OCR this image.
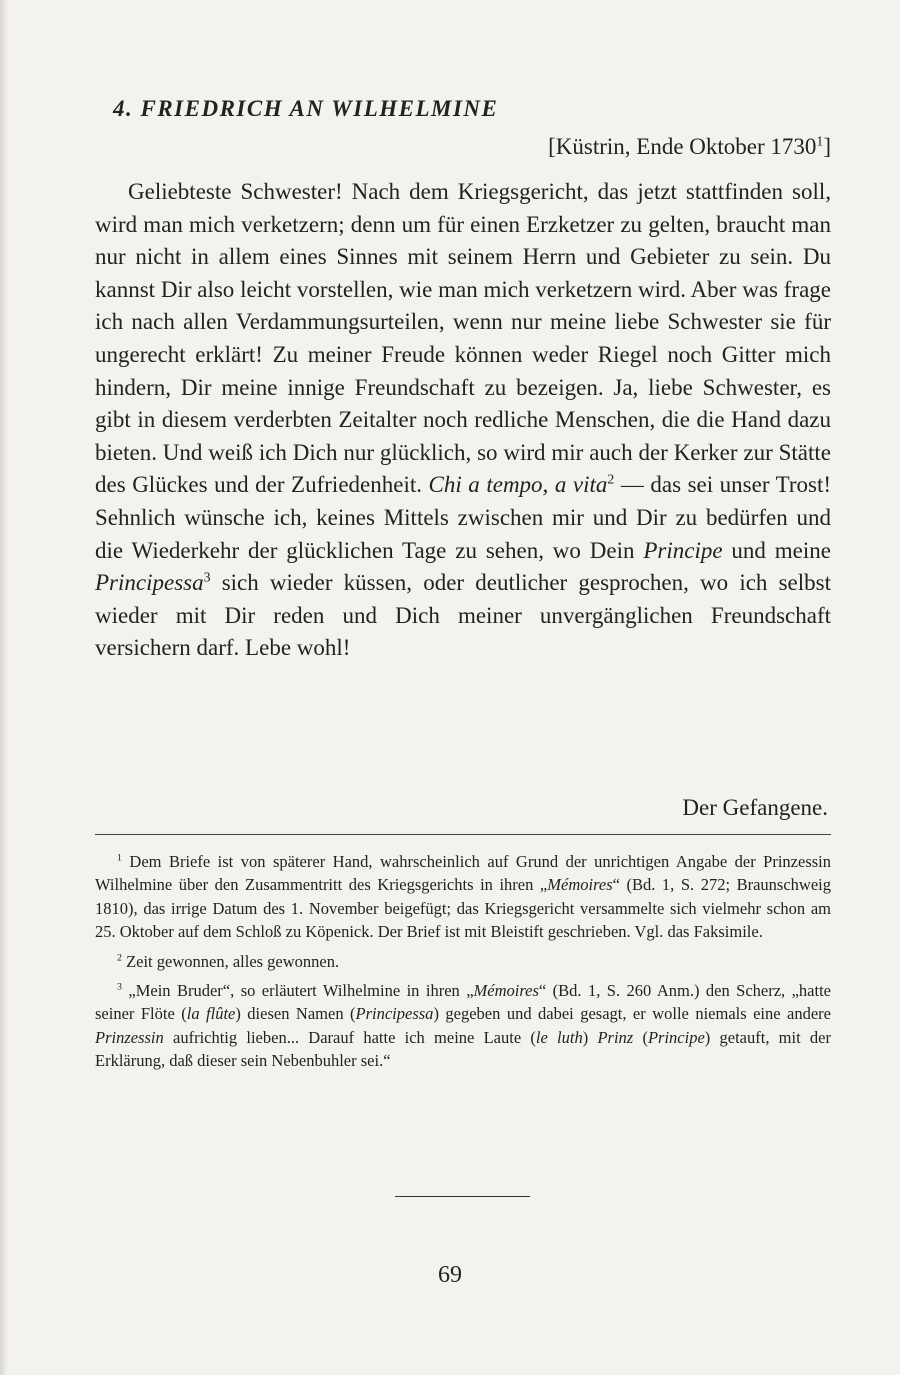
4. FRIEDRICH AN WILHELMINE

[Küstrin, Ende Oktober 1730$^1$]

Geliebteste Schwester! Nach dem Kriegsgericht, das jetzt stattfinden soll, wird man mich verketzern; denn um für einen Erzketzer zu gelten, braucht man nur nicht in allem eines Sinnes mit seinem Herrn und Gebieter zu sein. Du kannst Dir also leicht vorstellen, wie man mich verketzern wird. Aber was frage ich nach allen Verdammungsurteilen, wenn nur meine liebe Schwester sie für ungerecht erklärt! Zu meiner Freude können weder Riegel noch Gitter mich hindern, Dir meine innige Freundschaft zu bezeigen. Ja, liebe Schwester, es gibt in diesem verderbten Zeitalter noch redliche Menschen, die die Hand dazu bieten. Und weiß ich Dich nur glücklich, so wird mir auch der Kerker zur Stätte des Glückes und der Zufriedenheit. Chi a tempo, a vita$^2$ — das sei unser Trost! Sehnlich wünsche ich, keines Mittels zwischen mir und Dir zu bedürfen und die Wiederkehr der glücklichen Tage zu sehen, wo Dein Principe und meine Principessa$^3$ sich wieder küssen, oder deutlicher gesprochen, wo ich selbst wieder mit Dir reden und Dich meiner unvergänglichen Freundschaft versichern darf. Lebe wohl!

Der Gefangene.

$^1$ Dem Briefe ist von späterer Hand, wahrscheinlich auf Grund der unrichtigen Angabe der Prinzessin Wilhelmine über den Zusammentritt des Kriegsgerichts in ihren „Mémoires“ (Bd. 1, S. 272; Braunschweig 1810), das irrige Datum des 1. November beigefügt; das Kriegsgericht versammelte sich vielmehr schon am 25. Oktober auf dem Schloß zu Köpenick. Der Brief ist mit Bleistift geschrieben. Vgl. das Faksimile.

$^2$ Zeit gewonnen, alles gewonnen.

$^3$ „Mein Bruder“, so erläutert Wilhelmine in ihren „Mémoires“ (Bd. 1, S. 260 Anm.) den Scherz, „hatte seiner Flöte (la flûte) diesen Namen (Principessa) gegeben und dabei gesagt, er wolle niemals eine andere Prinzessin aufrichtig lieben... Darauf hatte ich meine Laute (le luth) Prinz (Principe) getauft, mit der Erklärung, daß dieser sein Nebenbuhler sei.“

69
